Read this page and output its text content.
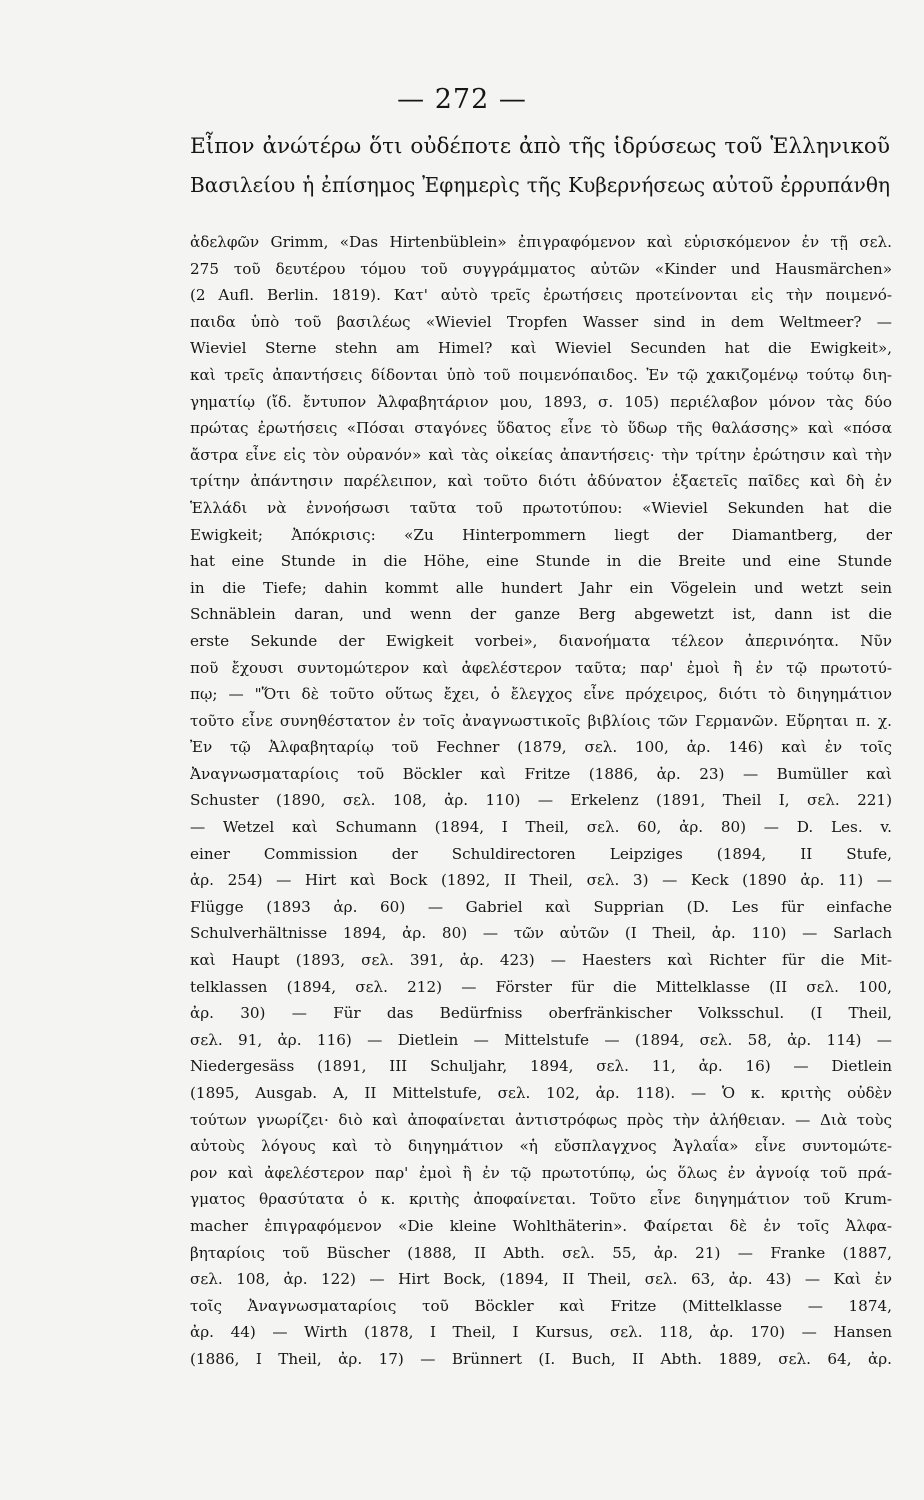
— 272 —
Εἶπον ἀνώτέρω ὅτι οὐδέποτε ἀπὸ τῆς ἱδρύσεως τοῦ Ἑλληνικοῦ
Βασιλείου ἡ ἐπίσημος Ἐφημερὶς τῆς Κυβερνήσεως αὐτοῦ ἐρρυπάνθη
ἀδελφῶν Grimm, «Das Hirtenbüblein» ἐπιγραφόμενον καὶ εὑρισκόμενον ἐν τῇ σελ.
275 τοῦ δευτέρου τόμου τοῦ συγγράμματος αὐτῶν «Kinder und Hausmärchen»
(2 Aufl. Berlin. 1819). Κατ' αὐτὸ τρεῖς ἐρωτήσεις προτείνονται εἰς τὴν ποιμενό-
παιδα ὑπὸ τοῦ βασιλέως «Wieviel Tropfen Wasser sind in dem Weltmeer? —
Wieviel Sterne stehn am Himel? καὶ Wieviel Secunden hat die Ewigkeit»,
καὶ τρεῖς ἀπαντήσεις δίδονται ὑπὸ τοῦ ποιμενόπαιδος. Ἐν τῷ χακιζομένῳ τούτῳ διη-
γηματίῳ (ἴδ. ἔντυπον Ἀλφαβητάριον μου, 1893, σ. 105) περιέλαβον μόνον τὰς δύο
πρώτας ἐρωτήσεις «Πόσαι σταγόνες ὕδατος εἶνε τὸ ὕδωρ τῆς θαλάσσης» καὶ «πόσα
ἄστρα εἶνε εἰς τὸν οὐρανόν» καὶ τὰς οἰκείας ἀπαντήσεις· τὴν τρίτην ἐρώτησιν καὶ τὴν
τρίτην ἀπάντησιν παρέλειπον, καὶ τοῦτο διότι ἀδύνατον ἑξαετεῖς παῖδες καὶ δὴ ἐν
Ἑλλάδι νὰ ἐννοήσωσι ταῦτα τοῦ πρωτοτύπου: «Wieviel Sekunden hat die
Ewigkeit; Ἀπόκρισις: «Zu Hinterpommern liegt der Diamantberg, der
hat eine Stunde in die Höhe, eine Stunde in die Breite und eine Stunde
in die Tiefe; dahin kommt alle hundert Jahr ein Vögelein und wetzt sein
Schnäblein daran, und wenn der ganze Berg abgewetzt ist, dann ist die
erste Sekunde der Ewigkeit vorbei», διανοήματα τέλεον ἀπερινόητα. Νῦν
ποῦ ἔχουσι συντομώτερον καὶ ἀφελέστερον ταῦτα; παρ' ἐμοὶ ἢ ἐν τῷ πρωτοτύ-
πῳ; — "Ὅτι δὲ τοῦτο οὕτως ἔχει, ὁ ἔλεγχος εἶνε πρόχειρος, διότι τὸ διηγημάτιον
τοῦτο εἶνε συνηθέστατον ἐν τοῖς ἀναγνωστικοῖς βιβλίοις τῶν Γερμανῶν. Εὕρηται π. χ.
Ἐν τῷ Ἀλφαβηταρίῳ τοῦ Fechner (1879, σελ. 100, ἀρ. 146) καὶ ἐν τοῖς
Ἀναγνωσματαρίοις τοῦ Böckler καὶ Fritze (1886, ἀρ. 23) — Bumüller καὶ
Schuster (1890, σελ. 108, ἀρ. 110) — Erkelenz (1891, Theil I, σελ. 221)
— Wetzel καὶ Schumann (1894, I Theil, σελ. 60, ἀρ. 80) — D. Les. v.
einer Commission der Schuldirectoren Leipziges (1894, II Stufe,
ἀρ. 254) — Hirt καὶ Bock (1892, II Theil, σελ. 3) — Keck (1890 ἀρ. 11) —
Flügge (1893 ἀρ. 60) — Gabriel καὶ Supprian (D. Les für einfache
Schulverhältnisse 1894, ἀρ. 80) — τῶν αὐτῶν (I Theil, ἀρ. 110) — Sarlach
καὶ Haupt (1893, σελ. 391, ἀρ. 423) — Haesters καὶ Richter für die Mit-
telklassen (1894, σελ. 212) — Förster für die Mittelklasse (II σελ. 100,
ἀρ. 30) — Für das Bedürfniss oberfränkischer Volksschul. (I Theil,
σελ. 91, ἀρ. 116) — Dietlein — Mittelstufe — (1894, σελ. 58, ἀρ. 114) —
Niedergesäss (1891, III Schuljahr, 1894, σελ. 11, ἀρ. 16) — Dietlein
(1895, Ausgab. A, II Mittelstufe, σελ. 102, ἀρ. 118). — Ὁ κ. κριτὴς οὐδὲν
τούτων γνωρίζει· διὸ καὶ ἀποφαίνεται ἀντιστρόφως πρὸς τὴν ἀλήθειαν. — Διὰ τοὺς
αὐτοὺς λόγους καὶ τὸ διηγημάτιον «ἡ εὔσπλαγχνος Ἀγλαΐα» εἶνε συντομώτε-
ρον καὶ ἀφελέστερον παρ' ἐμοὶ ἢ ἐν τῷ πρωτοτύπῳ, ὡς ὅλως ἐν ἀγνοίᾳ τοῦ πρά-
γματος θρασύτατα ὁ κ. κριτὴς ἀποφαίνεται. Τοῦτο εἶνε διηγημάτιον τοῦ Krum-
macher ἐπιγραφόμενον «Die kleine Wohlthäterin». Φαίρεται δὲ ἐν τοῖς Ἀλφα-
βηταρίοις τοῦ Büscher (1888, II Abth. σελ. 55, ἀρ. 21) — Franke (1887,
σελ. 108, ἀρ. 122) — Hirt Bock, (1894, II Theil, σελ. 63, ἀρ. 43) — Καὶ ἐν
τοῖς Ἀναγνωσματαρίοις τοῦ Böckler καὶ Fritze (Mittelklasse — 1874,
ἀρ. 44) — Wirth (1878, I Theil, I Kursus, σελ. 118, ἀρ. 170) — Hansen
(1886, I Theil, ἀρ. 17) — Brünnert (I. Buch, II Abth. 1889, σελ. 64, ἀρ.
